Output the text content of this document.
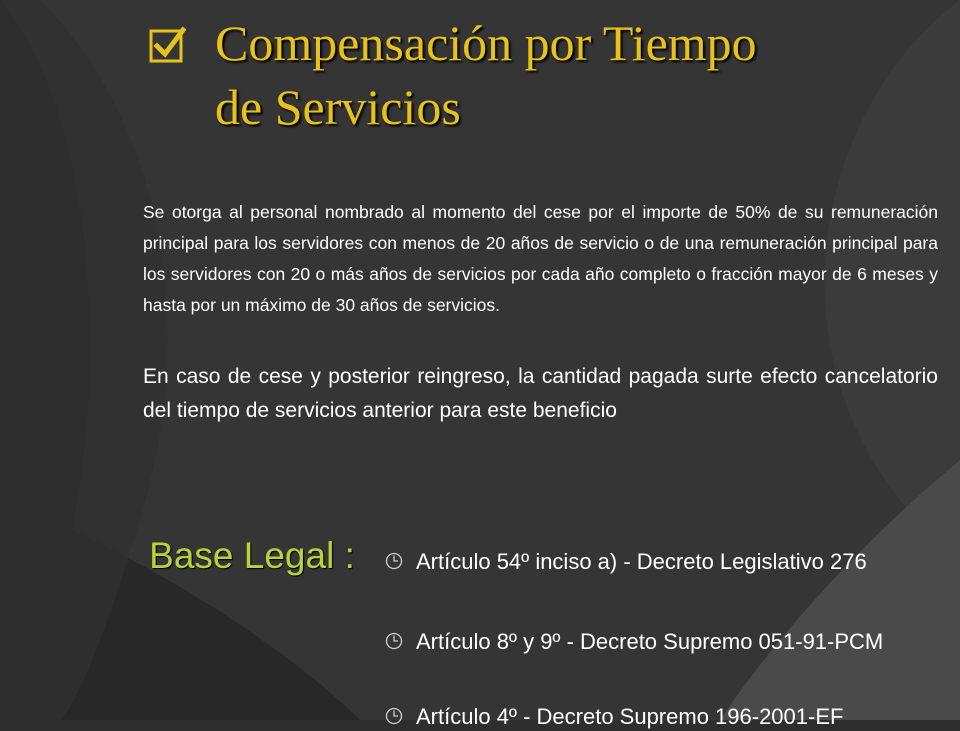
Compensación por Tiempo
de Servicios
Se otorga al personal nombrado al momento del cese por el importe de 50% de su remuneración principal para los servidores con menos de 20 años de servicio o de una remuneración principal para los servidores con 20 o más años de servicios por cada año completo o fracción mayor de 6 meses y hasta por un máximo de 30 años de servicios.
En caso de cese y posterior reingreso, la cantidad pagada surte efecto cancelatorio del tiempo de servicios anterior para este beneficio
Base Legal :	Artículo 54º inciso a) - Decreto Legislativo 276
Artículo 8º y 9º - Decreto Supremo 051-91-PCM
Artículo 4º - Decreto Supremo 196-2001-EF
